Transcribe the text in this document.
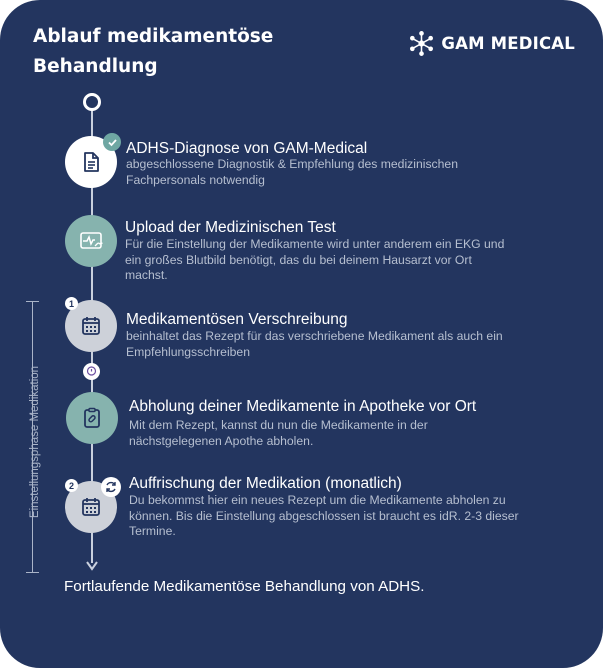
Ablauf medikamentöse Behandlung
GAM MEDICAL
Einstellungsphase Medikation
ADHS-Diagnose von GAM-Medical
abgeschlossene Diagnostik & Empfehlung des medizinischen Fachpersonals notwendig
Upload der Medizinischen Test
Für die Einstellung der Medikamente wird unter anderem ein EKG und ein großes Blutbild benötigt, das du bei deinem Hausarzt vor Ort machst.
1
Medikamentösen Verschreibung
beinhaltet das Rezept für das verschriebene Medikament als auch ein Empfehlungsschreiben
Abholung deiner Medikamente in Apotheke vor Ort
Mit dem Rezept, kannst du nun die Medikamente in der nächstgelegenen Apothe abholen.
2	Auffrischung der Medikation (monatlich)
Du bekommst hier ein neues Rezept um die Medikamente abholen zu können. Bis die Einstellung abgeschlossen ist braucht es idR. 2-3 dieser Termine.
Fortlaufende Medikamentöse Behandlung von ADHS.
